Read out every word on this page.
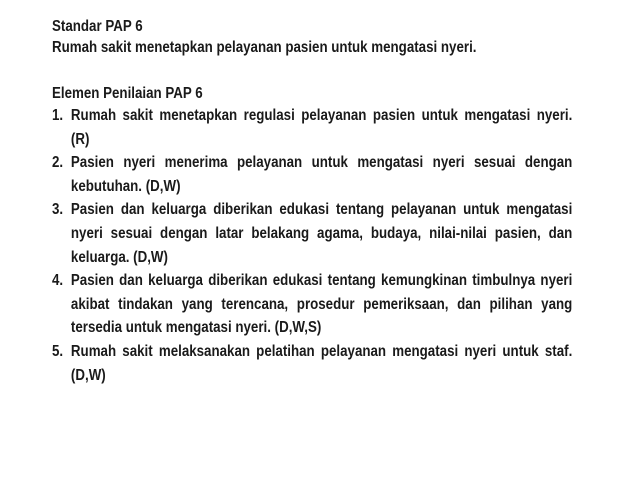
Standar PAP 6
Rumah sakit menetapkan pelayanan pasien untuk mengatasi nyeri.
Elemen Penilaian PAP 6
1. Rumah sakit menetapkan regulasi pelayanan pasien untuk mengatasi nyeri. (R)
2. Pasien nyeri menerima pelayanan untuk mengatasi nyeri sesuai dengan kebutuhan. (D,W)
3. Pasien dan keluarga diberikan edukasi tentang pelayanan untuk mengatasi nyeri sesuai dengan latar belakang agama, budaya, nilai-nilai pasien, dan keluarga. (D,W)
4. Pasien dan keluarga diberikan edukasi tentang kemungkinan timbulnya nyeri akibat tindakan yang terencana, prosedur pemeriksaan, dan pilihan yang tersedia untuk mengatasi nyeri. (D,W,S)
5. Rumah sakit melaksanakan pelatihan pelayanan mengatasi nyeri untuk staf. (D,W)
